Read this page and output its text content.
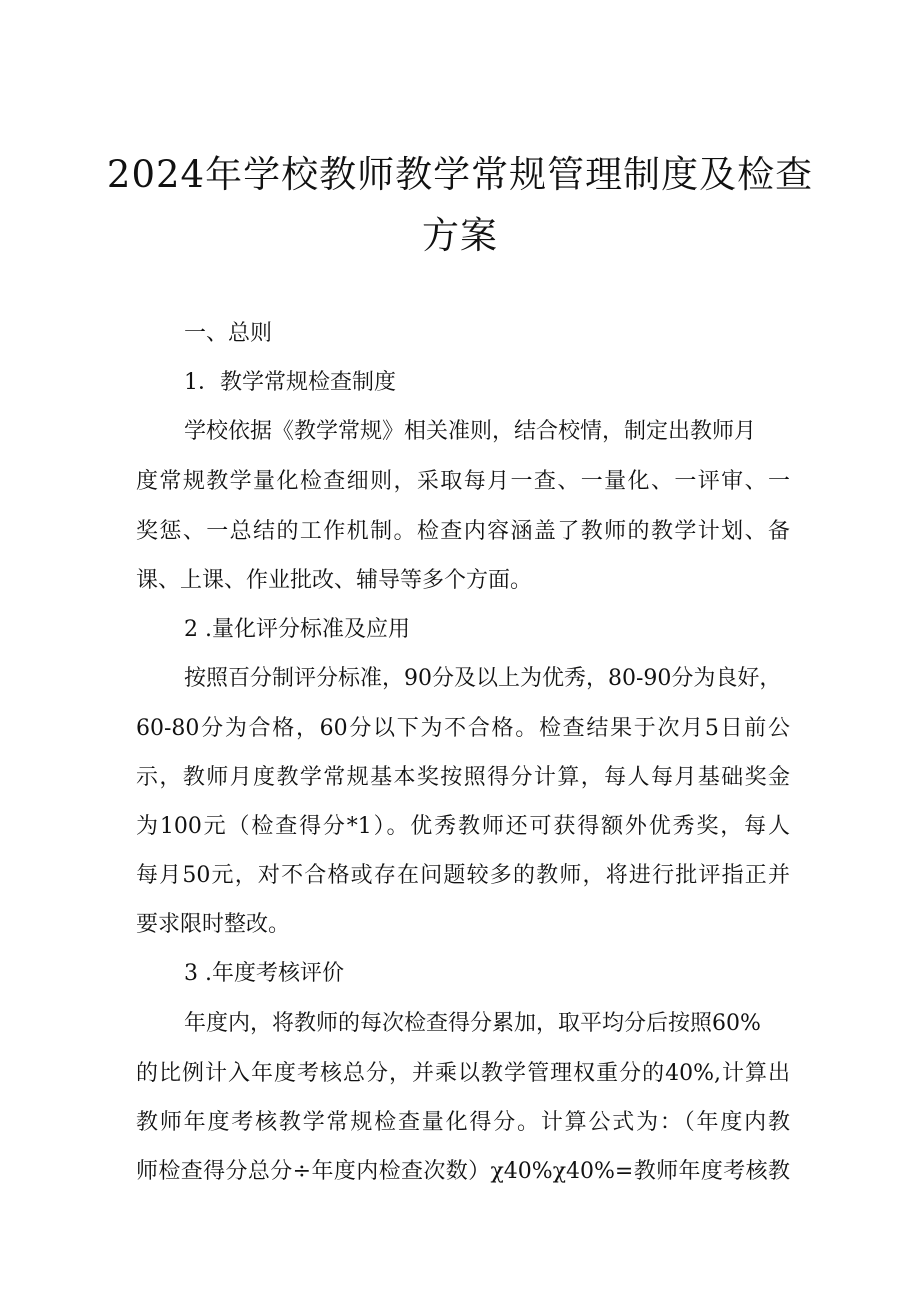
2024年学校教师教学常规管理制度及检查
方案
一、总则
1．教学常规检查制度
学校依据《教学常规》相关准则，结合校情，制定出教师月
度常规教学量化检查细则，采取每月一查、一量化、一评审、一
奖惩、一总结的工作机制。检查内容涵盖了教师的教学计划、备
课、上课、作业批改、辅导等多个方面。
2 .量化评分标准及应用
按照百分制评分标准，90分及以上为优秀，80-90分为良好，
60-80分为合格，60分以下为不合格。检查结果于次月5日前公
示，教师月度教学常规基本奖按照得分计算，每人每月基础奖金
为100元（检查得分*1）。优秀教师还可获得额外优秀奖，每人
每月50元，对不合格或存在问题较多的教师，将进行批评指正并
要求限时整改。
3 .年度考核评价
年度内，将教师的每次检查得分累加，取平均分后按照60%
的比例计入年度考核总分，并乘以教学管理权重分的40%,计算出
教师年度考核教学常规检查量化得分。计算公式为：（年度内教
师检查得分总分÷年度内检查次数）χ40%χ40%=教师年度考核教
